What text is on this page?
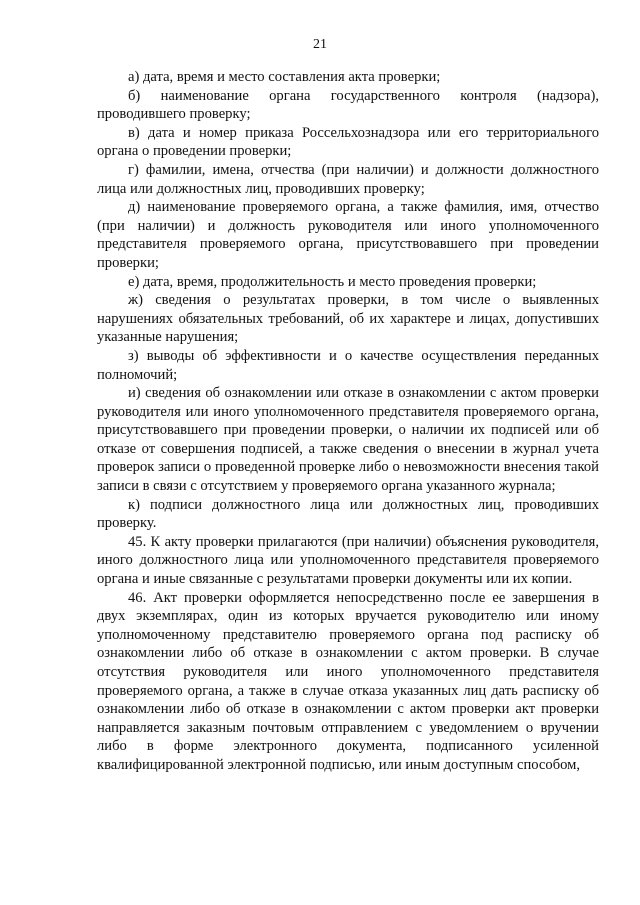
21

а) дата, время и место составления акта проверки;

б) наименование органа государственного контроля (надзора), проводившего проверку;

в) дата и номер приказа Россельхознадзора или его территориального органа о проведении проверки;

г) фамилии, имена, отчества (при наличии) и должности должностного лица или должностных лиц, проводивших проверку;

д) наименование проверяемого органа, а также фамилия, имя, отчество (при наличии) и должность руководителя или иного уполномоченного представителя проверяемого органа, присутствовавшего при проведении проверки;

е) дата, время, продолжительность и место проведения проверки;

ж) сведения о результатах проверки, в том числе о выявленных нарушениях обязательных требований, об их характере и лицах, допустивших указанные нарушения;

з) выводы об эффективности и о качестве осуществления переданных полномочий;

и) сведения об ознакомлении или отказе в ознакомлении с актом проверки руководителя или иного уполномоченного представителя проверяемого органа, присутствовавшего при проведении проверки, о наличии их подписей или об отказе от совершения подписей, а также сведения о внесении в журнал учета проверок записи о проведенной проверке либо о невозможности внесения такой записи в связи с отсутствием у проверяемого органа указанного журнала;

к) подписи должностного лица или должностных лиц, проводивших проверку.

45. К акту проверки прилагаются (при наличии) объяснения руководителя, иного должностного лица или уполномоченного представителя проверяемого органа и иные связанные с результатами проверки документы или их копии.

46. Акт проверки оформляется непосредственно после ее завершения в двух экземплярах, один из которых вручается руководителю или иному уполномоченному представителю проверяемого органа под расписку об ознакомлении либо об отказе в ознакомлении с актом проверки. В случае отсутствия руководителя или иного уполномоченного представителя проверяемого органа, а также в случае отказа указанных лиц дать расписку об ознакомлении либо об отказе в ознакомлении с актом проверки акт проверки направляется заказным почтовым отправлением с уведомлением о вручении либо в форме электронного документа, подписанного усиленной квалифицированной электронной подписью, или иным доступным способом,
